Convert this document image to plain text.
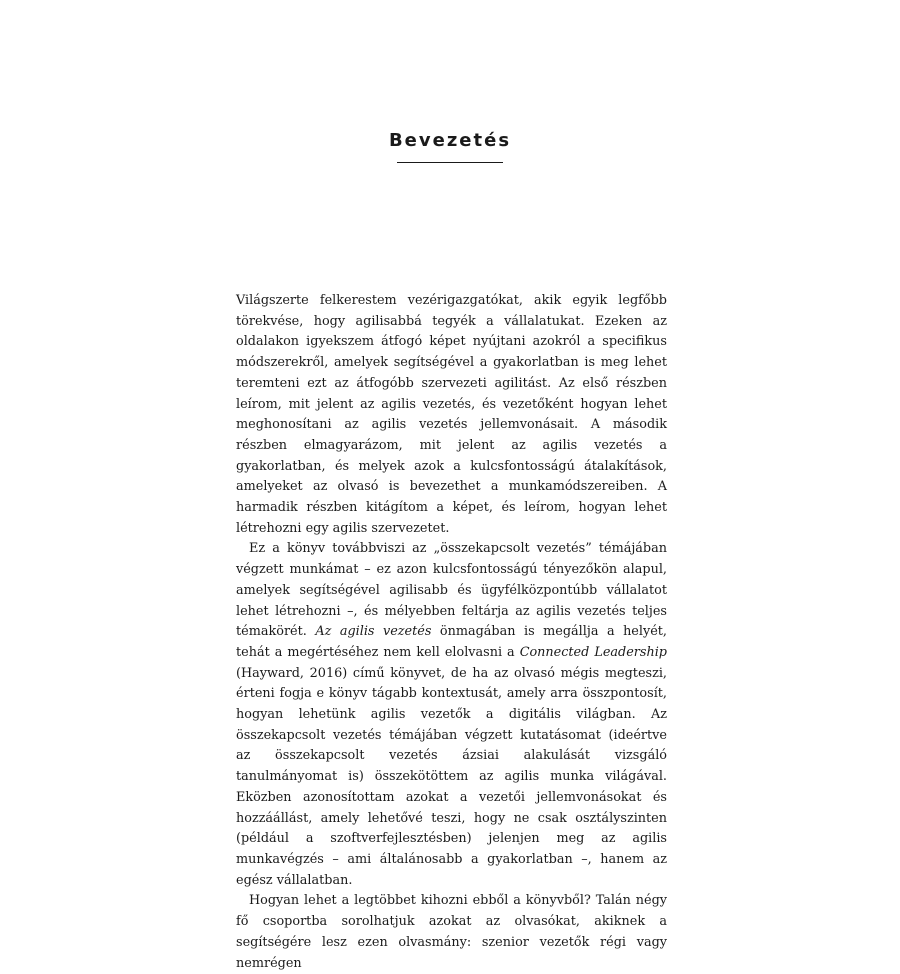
Bevezetés

Világszerte felkerestem vezérigazgatókat, akik egyik legfőbb törekvése, hogy agilisabbá tegyék a vállalatukat. Ezeken az oldalakon igyekszem átfogó képet nyújtani azokról a specifikus módszerekről, amelyek segítségével a gyakorlatban is meg lehet teremteni ezt az átfogóbb szervezeti agilitást. Az első részben leírom, mit jelent az agilis vezetés, és vezetőként hogyan lehet meghonosítani az agilis vezetés jellemvonásait. A második részben elmagyarázom, mit jelent az agilis vezetés a gyakorlatban, és melyek azok a kulcsfontosságú átalakítások, amelyeket az olvasó is bevezethet a munkamódszereiben. A harmadik részben kitágítom a képet, és leírom, hogyan lehet létrehozni egy agilis szervezetet.

Ez a könyv továbbviszi az „összekapcsolt vezetés” témájában végzett munkámat – ez azon kulcsfontosságú tényezőkön alapul, amelyek segítségével agilisabb és ügyfélközpontúbb vállalatot lehet létrehozni –, és mélyebben feltárja az agilis vezetés teljes témakörét. Az agilis vezetés önmagában is megállja a helyét, tehát a megértéséhez nem kell elolvasni a Connected Leadership (Hayward, 2016) című könyvet, de ha az olvasó mégis megteszi, érteni fogja e könyv tágabb kontextusát, amely arra összpontosít, hogyan lehetünk agilis vezetők a digitális világban. Az összekapcsolt vezetés témájában végzett kutatásomat (ideértve az összekapcsolt vezetés ázsiai alakulását vizsgáló tanulmányomat is) összekötöttem az agilis munka világával. Eközben azonosítottam azokat a vezetői jellemvonásokat és hozzáállást, amely lehetővé teszi, hogy ne csak osztályszinten (például a szoftverfejlesztésben) jelenjen meg az agilis munkavégzés – ami általánosabb a gyakorlatban –, hanem az egész vállalatban.

Hogyan lehet a legtöbbet kihozni ebből a könyvből? Talán négy fő csoportba sorolhatjuk azokat az olvasókat, akiknek a segítségére lesz ezen olvasmány: szenior vezetők régi vagy nemrégen
